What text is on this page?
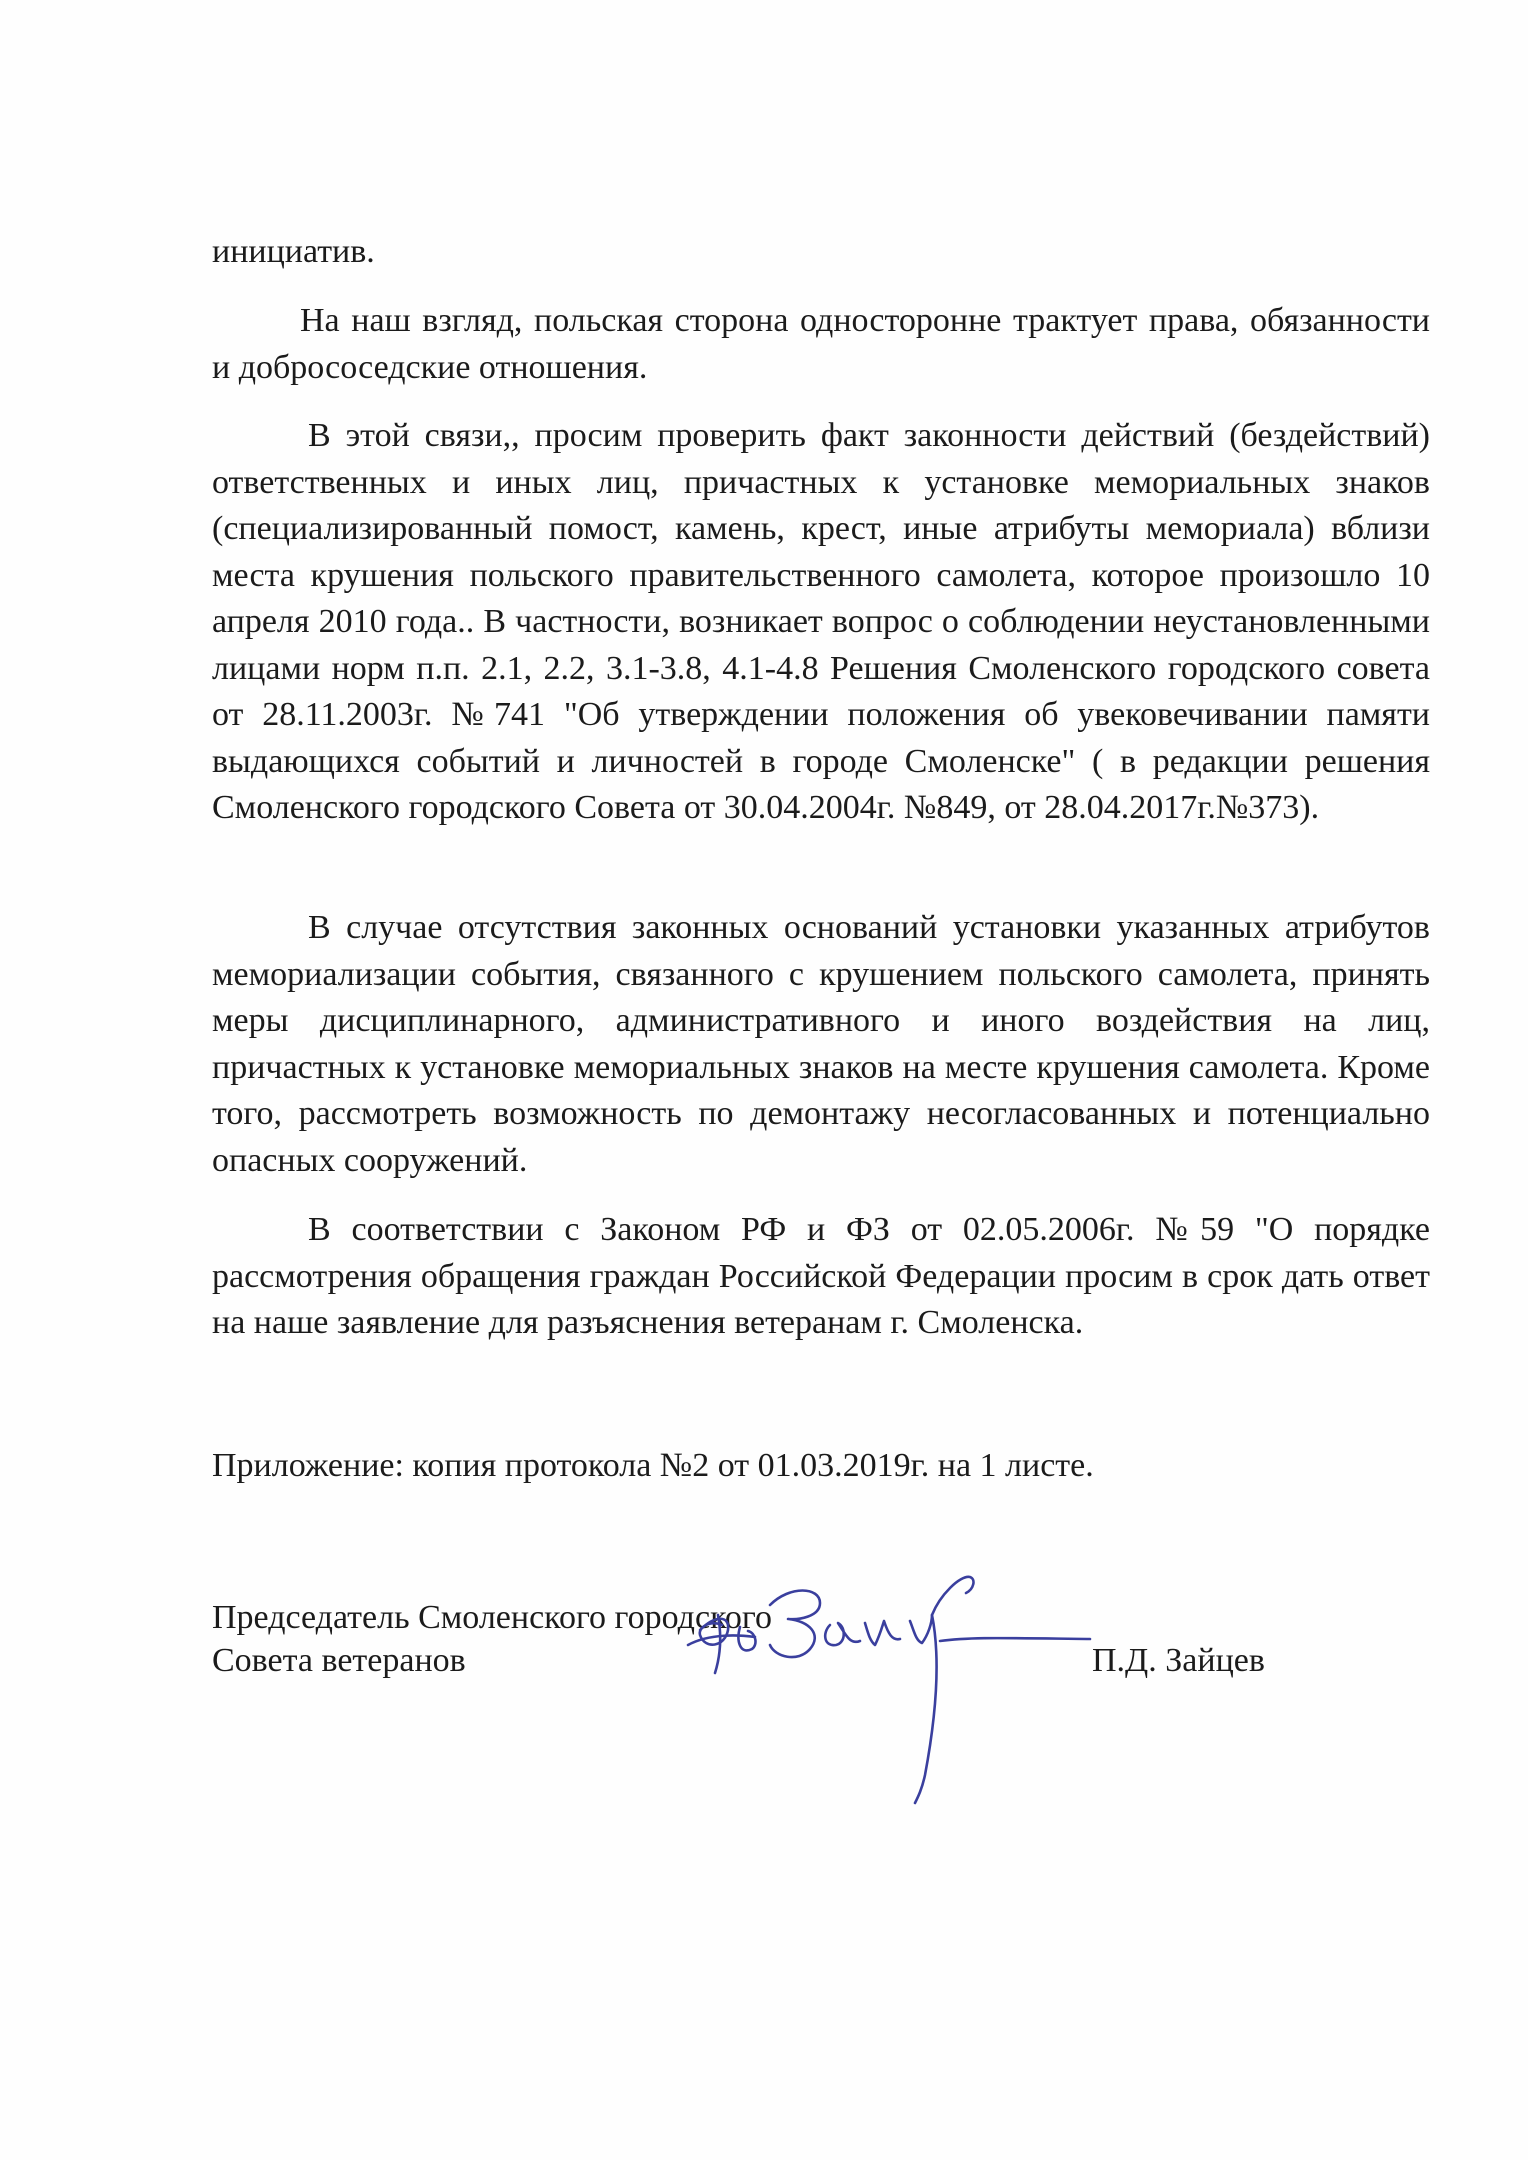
инициатив.

На наш взгляд, польская сторона односторонне трактует права, обязанности и добрососедские отношения.

В этой связи,, просим проверить факт законности действий (бездействий) ответственных и иных лиц, причастных к установке мемориальных знаков (специализированный помост, камень, крест, иные атрибуты мемориала) вблизи места крушения польского правительственного самолета, которое произошло 10 апреля 2010 года.. В частности, возникает вопрос о соблюдении неустановленными лицами норм п.п. 2.1, 2.2, 3.1-3.8, 4.1-4.8 Решения Смоленского городского совета от 28.11.2003г. №741 "Об утверждении положения об увековечивании памяти выдающихся событий и личностей в городе Смоленске" ( в редакции решения Смоленского городского Совета от 30.04.2004г. №849, от 28.04.2017г.№373).

В случае отсутствия законных оснований установки указанных атрибутов мемориализации события, связанного с крушением польского самолета, принять меры дисциплинарного, административного и иного воздействия на лиц, причастных к установке мемориальных знаков на месте крушения самолета. Кроме того, рассмотреть возможность по демонтажу несогласованных и потенциально опасных сооружений.

В соответствии с Законом РФ и ФЗ от 02.05.2006г. №59 "О порядке рассмотрения обращения граждан Российской Федерации просим в срок дать ответ на наше заявление для разъяснения ветеранам г. Смоленска.

Приложение: копия протокола №2 от 01.03.2019г. на 1 листе.

Председатель Смоленского городского

Совета ветеранов	П.Д. Зайцев
